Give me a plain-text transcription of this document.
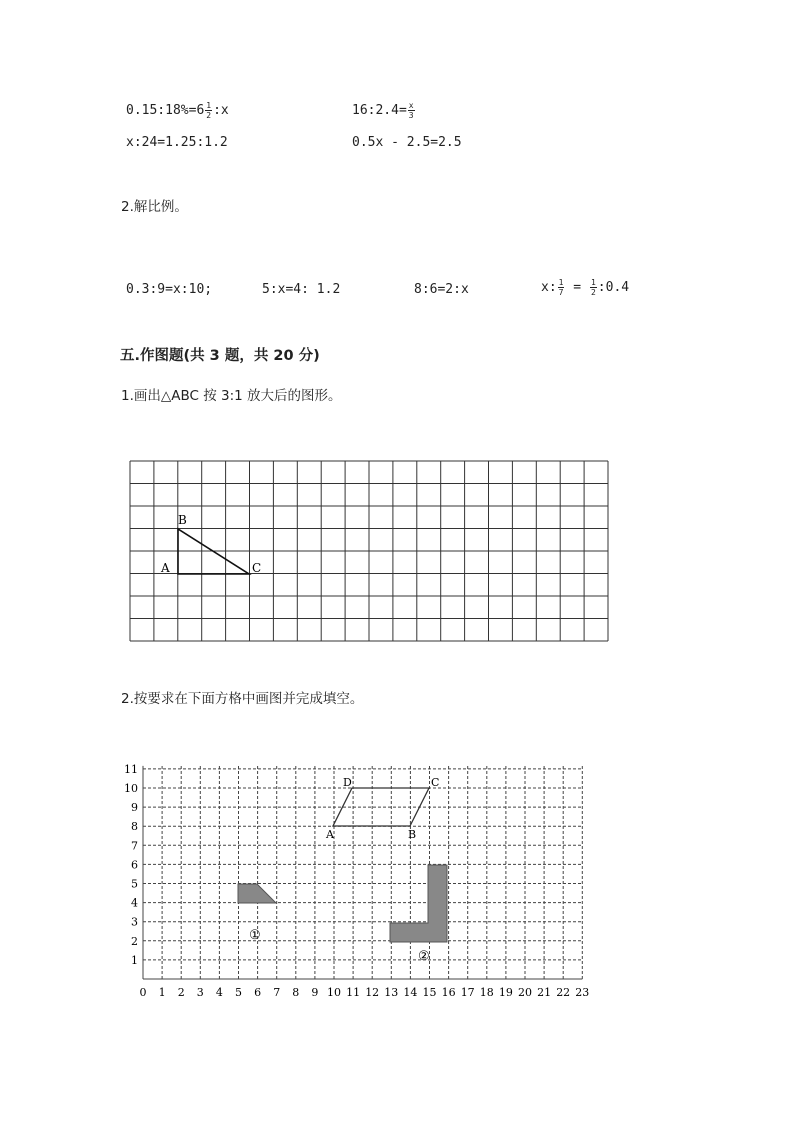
0.15:18%=6 $\frac{1}{2}$ :x	16:2.4= $\frac{x}{3}$
x:24=1.25:1.2	0.5x - 2.5=2.5
2.解比例。
0.3:9=x:10;	5:x=4: 1.2	8:6=2:x	x: $\frac{1}{7} = \frac{1}{2}$ :0.4
五.作图题(共 3 题，共 20 分)
1.画出△ABC 按 3:1 放大后的图形。
A
B
C
2.按要求在下面方格中画图并完成填空。
11
10
9
8
7
6
5
4
3
2
1
0 1 2 3 4 5 6 7 8 9 10 11 12 13 14 15 16 17 18 19 20 21 22 23
A	B
C
D
①
②
